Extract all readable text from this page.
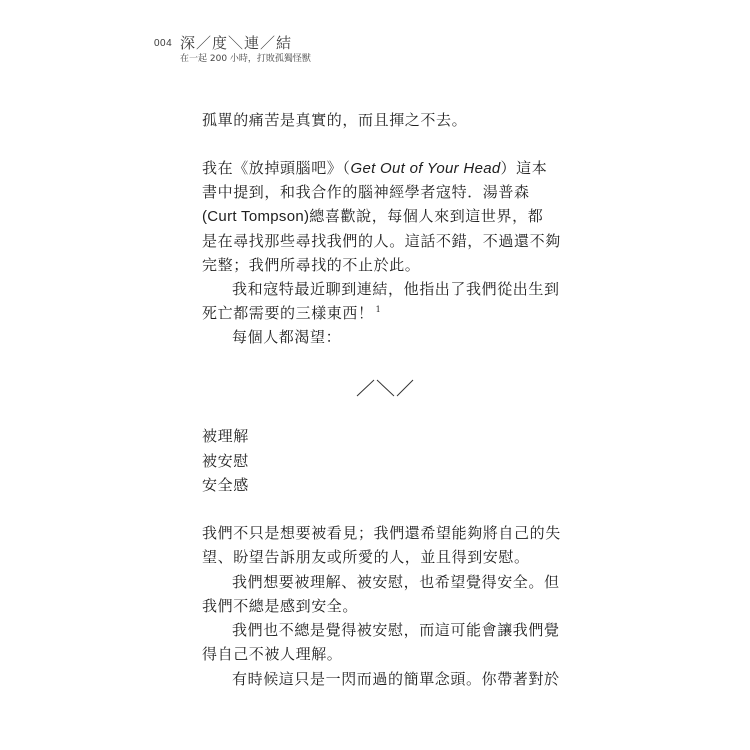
004 深／度＼連／結
在一起 200 小時，打敗孤獨怪獸
孤單的痛苦是真實的，而且揮之不去。
我在《放掉頭腦吧》（Get Out of Your Head）這本
書中提到，和我合作的腦神經學者寇特．湯普森
(Curt Tompson)總喜歡說，每個人來到這世界，都
是在尋找那些尋找我們的人。這話不錯，不過還不夠
完整；我們所尋找的不止於此。
我和寇特最近聊到連結，他指出了我們從出生到
死亡都需要的三樣東西！ $^1$
每個人都渴望：
被理解
被安慰
安全感
我們不只是想要被看見；我們還希望能夠將自己的失
望、盼望告訴朋友或所愛的人，並且得到安慰。
我們想要被理解、被安慰，也希望覺得安全。但
我們不總是感到安全。
我們也不總是覺得被安慰，而這可能會讓我們覺
得自己不被人理解。
有時候這只是一閃而過的簡單念頭。你帶著對於
